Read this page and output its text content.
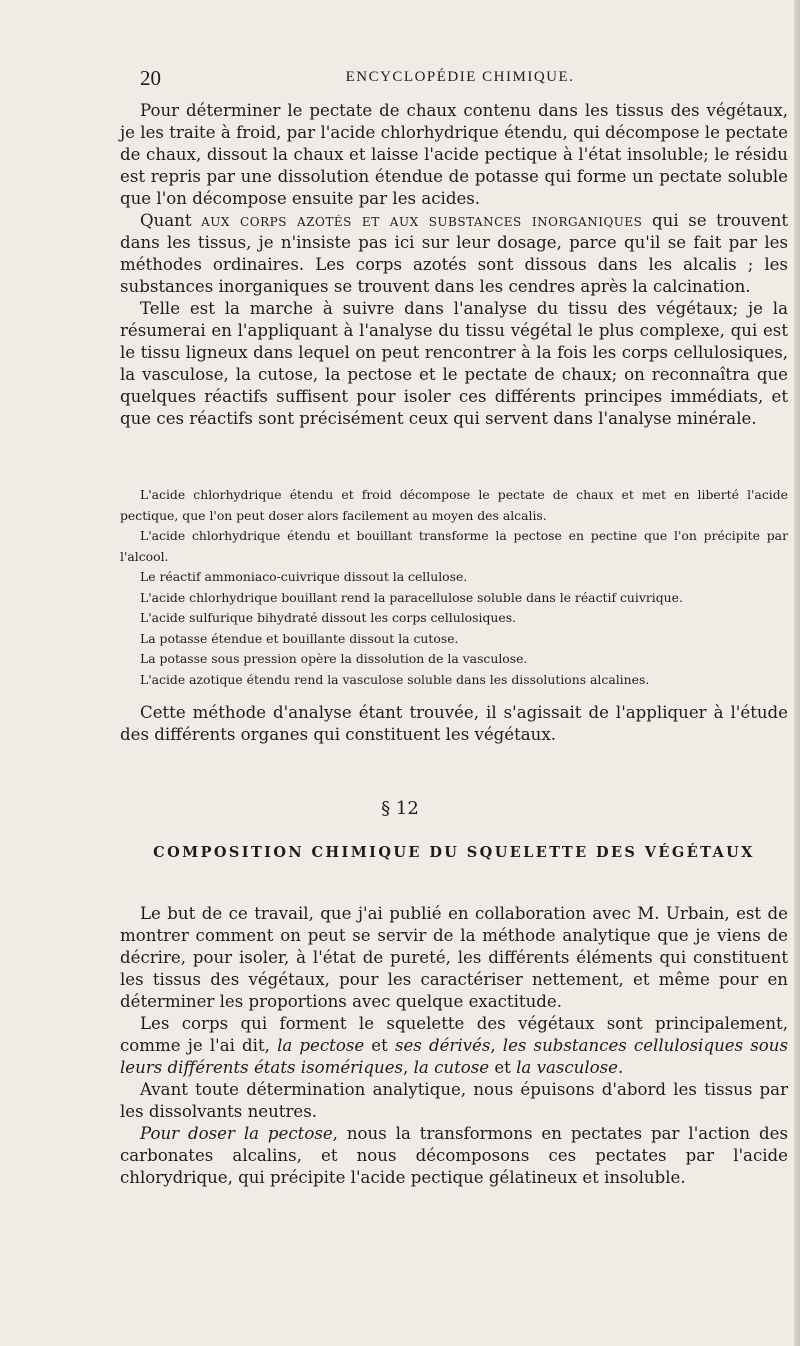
20	ENCYCLOPÉDIE CHIMIQUE.

Pour déterminer le pectate de chaux contenu dans les tissus des végétaux, je les traite à froid, par l'acide chlorhydrique étendu, qui décompose le pectate de chaux, dissout la chaux et laisse l'acide pectique à l'état insoluble; le résidu est repris par une dissolution étendue de potasse qui forme un pectate soluble que l'on décompose ensuite par les acides.

Quant aux corps azotés et aux substances inorganiques qui se trouvent dans les tissus, je n'insiste pas ici sur leur dosage, parce qu'il se fait par les méthodes ordinaires. Les corps azotés sont dissous dans les alcalis ; les substances inorganiques se trouvent dans les cendres après la calcination.

Telle est la marche à suivre dans l'analyse du tissu des végétaux; je la résumerai en l'appliquant à l'analyse du tissu végétal le plus complexe, qui est le tissu ligneux dans lequel on peut rencontrer à la fois les corps cellulosiques, la vasculose, la cutose, la pectose et le pectate de chaux; on reconnaîtra que quelques réactifs suffisent pour isoler ces différents principes immédiats, et que ces réactifs sont précisément ceux qui servent dans l'analyse minérale.

L'acide chlorhydrique étendu et froid décompose le pectate de chaux et met en liberté l'acide pectique, que l'on peut doser alors facilement au moyen des alcalis.

L'acide chlorhydrique étendu et bouillant transforme la pectose en pectine que l'on précipite par l'alcool.

Le réactif ammoniaco-cuivrique dissout la cellulose.

L'acide chlorhydrique bouillant rend la paracellulose soluble dans le réactif cuivrique.

L'acide sulfurique bihydraté dissout les corps cellulosiques.

La potasse étendue et bouillante dissout la cutose.

La potasse sous pression opère la dissolution de la vasculose.

L'acide azotique étendu rend la vasculose soluble dans les dissolutions alcalines.

Cette méthode d'analyse étant trouvée, il s'agissait de l'appliquer à l'étude des différents organes qui constituent les végétaux.

§ 12
COMPOSITION CHIMIQUE DU SQUELETTE DES VÉGÉTAUX

Le but de ce travail, que j'ai publié en collaboration avec M. Urbain, est de montrer comment on peut se servir de la méthode analytique que je viens de décrire, pour isoler, à l'état de pureté, les différents éléments qui constituent les tissus des végétaux, pour les caractériser nettement, et même pour en déterminer les proportions avec quelque exactitude.

Les corps qui forment le squelette des végétaux sont principalement, comme je l'ai dit, la pectose et ses dérivés, les substances cellulosiques sous leurs différents états isomériques, la cutose et la vasculose.

Avant toute détermination analytique, nous épuisons d'abord les tissus par les dissolvants neutres.

Pour doser la pectose, nous la transformons en pectates par l'action des carbonates alcalins, et nous décomposons ces pectates par l'acide chlorydrique, qui précipite l'acide pectique gélatineux et insoluble.
